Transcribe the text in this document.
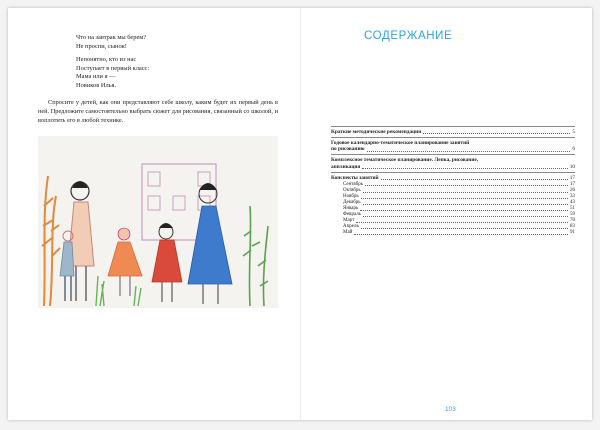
Что на завтрак мы берем?
Не проспи, сынок!
Непонятно, кто из нас
Поступает в первый класс:
Мама или я —
Новиков Илья.
Спросите у детей, как они представляют себе школу, каким будет их первый день в ней. Предложите самостоятельно выбрать сюжет для рисования, связанный со школой, и воплотить его в любой технике.
СОДЕРЖАНИЕ
Краткие методические рекомендации	5
Годовое календарно-тематическое планирование занятий
по рисованию	6
Комплексное тематическое планирование. Лепка, рисование,
аппликация	10
Конспекты занятий	17
Сентябрь	17
Октябрь	26
Ноябрь	33
Декабрь	43
Январь	51
Февраль	59
Март	70
Апрель	83
Май	91
103
